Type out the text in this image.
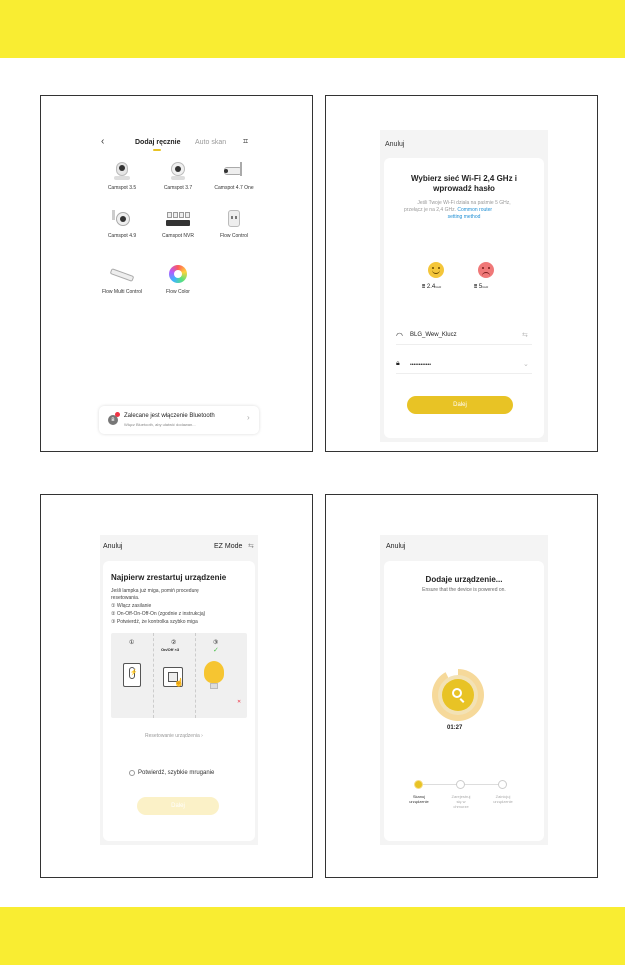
‹	Dodaj ręcznie Auto skan ⌗
Camspot 3.5	Camspot 3.7	Camspot 4.7 One
Camspot 4.9	Camspot NVR	Flow Control
Flow Multi Control	Flow Color
ʙ
Zalecane jest włączenie Bluetooth
Włącz Bluetooth, aby ułatwić dodawan...
›
Anuluj
Wybierz sieć Wi-Fi 2,4 GHz i
wprowadź hasło
Jeśli Twoje Wi-Fi działa na paśmie 5 GHz,
przełącz je na 2,4 GHz. Common router
setting method
⩩ 2.4GHz	⩩ 5GHz
◠ BLG_Wew_Klucz	⇆
🔒︎ ••••••••••••	⌄
Dalej
Anuluj	EZ Mode ⇆
Najpierw zrestartuj urządzenie
Jeśli lampka już miga, pomiń procedurę
resetowania.
① Włącz zasilanie
② On-Off-On-Off-On (zgodnie z instrukcją)
③ Potwierdź, że kontrolka szybko miga
①	②
On/Off ×3
③
✓
⚡
☝
✕
Resetowanie urządzenia ›
Potwierdź, szybkie mruganie
Dalej
Anuluj
Dodaje urządzenie...
Ensure that the device is powered on.
01:27
Skanuj
urządzenie
Zarejestruj
się w
chmurze
Zainicjuj
urządzenie
